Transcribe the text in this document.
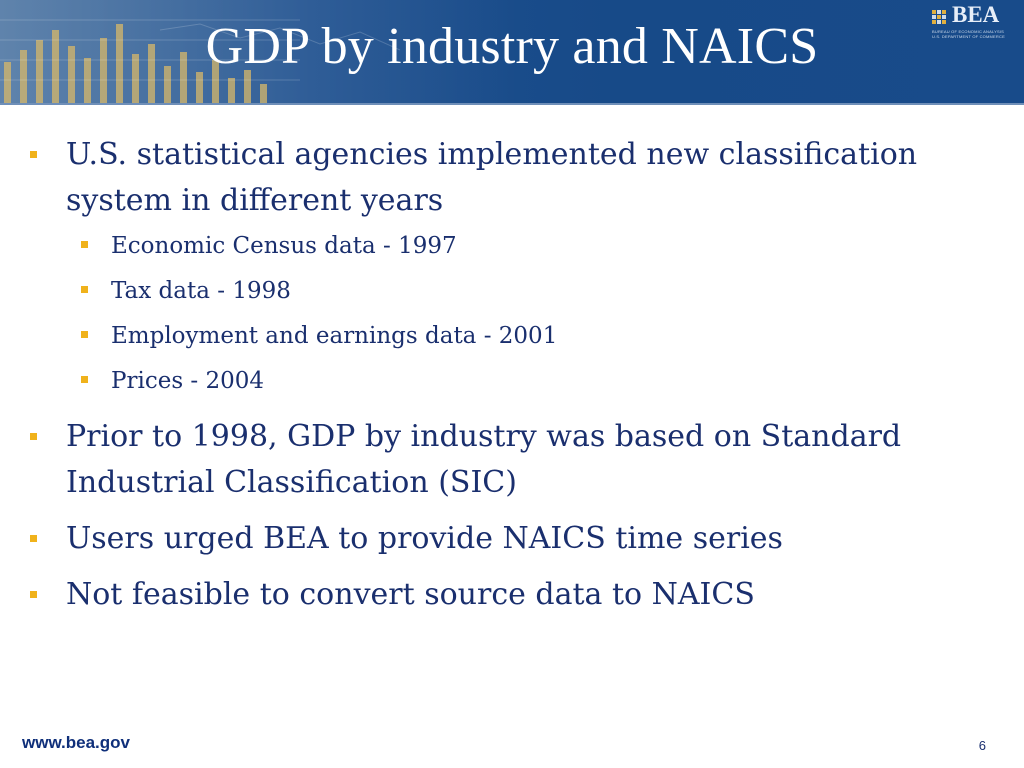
GDP by industry and NAICS
BEA
BUREAU OF ECONOMIC ANALYSIS
U.S. DEPARTMENT OF COMMERCE
U.S. statistical agencies implemented new classification system in different years
Economic Census data - 1997
Tax data - 1998
Employment and earnings data - 2001
Prices - 2004
Prior to 1998, GDP by industry was based on Standard Industrial Classification (SIC)
Users urged BEA to provide NAICS time series
Not feasible to convert source data to NAICS
www.bea.gov	6
